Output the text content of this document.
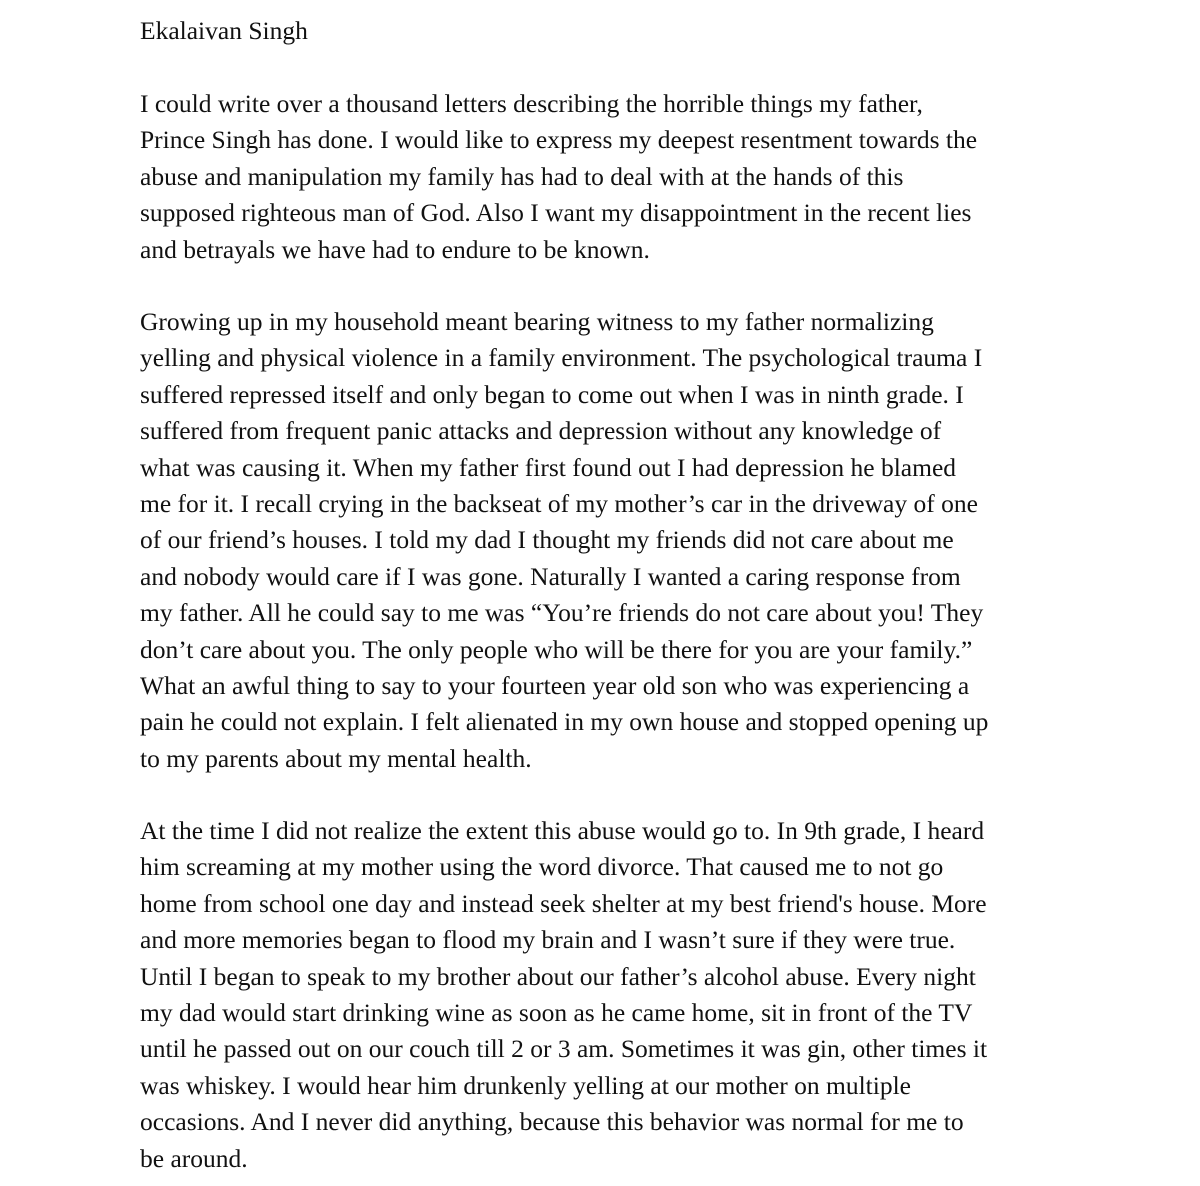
Ekalaivan Singh
I could write over a thousand letters describing the horrible things my father,
Prince Singh has done. I would like to express my deepest resentment towards the
abuse and manipulation my family has had to deal with at the hands of this
supposed righteous man of God. Also I want my disappointment in the recent lies
and betrayals we have had to endure to be known.
Growing up in my household meant bearing witness to my father normalizing
yelling and physical violence in a family environment. The psychological trauma I
suffered repressed itself and only began to come out when I was in ninth grade. I
suffered from frequent panic attacks and depression without any knowledge of
what was causing it. When my father first found out I had depression he blamed
me for it. I recall crying in the backseat of my mother’s car in the driveway of one
of our friend’s houses. I told my dad I thought my friends did not care about me
and nobody would care if I was gone. Naturally I wanted a caring response from
my father. All he could say to me was “You’re friends do not care about you! They
don’t care about you. The only people who will be there for you are your family.”
What an awful thing to say to your fourteen year old son who was experiencing a
pain he could not explain. I felt alienated in my own house and stopped opening up
to my parents about my mental health.
At the time I did not realize the extent this abuse would go to. In 9th grade, I heard
him screaming at my mother using the word divorce. That caused me to not go
home from school one day and instead seek shelter at my best friend's house. More
and more memories began to flood my brain and I wasn’t sure if they were true.
Until I began to speak to my brother about our father’s alcohol abuse. Every night
my dad would start drinking wine as soon as he came home, sit in front of the TV
until he passed out on our couch till 2 or 3 am. Sometimes it was gin, other times it
was whiskey. I would hear him drunkenly yelling at our mother on multiple
occasions. And I never did anything, because this behavior was normal for me to
be around.
